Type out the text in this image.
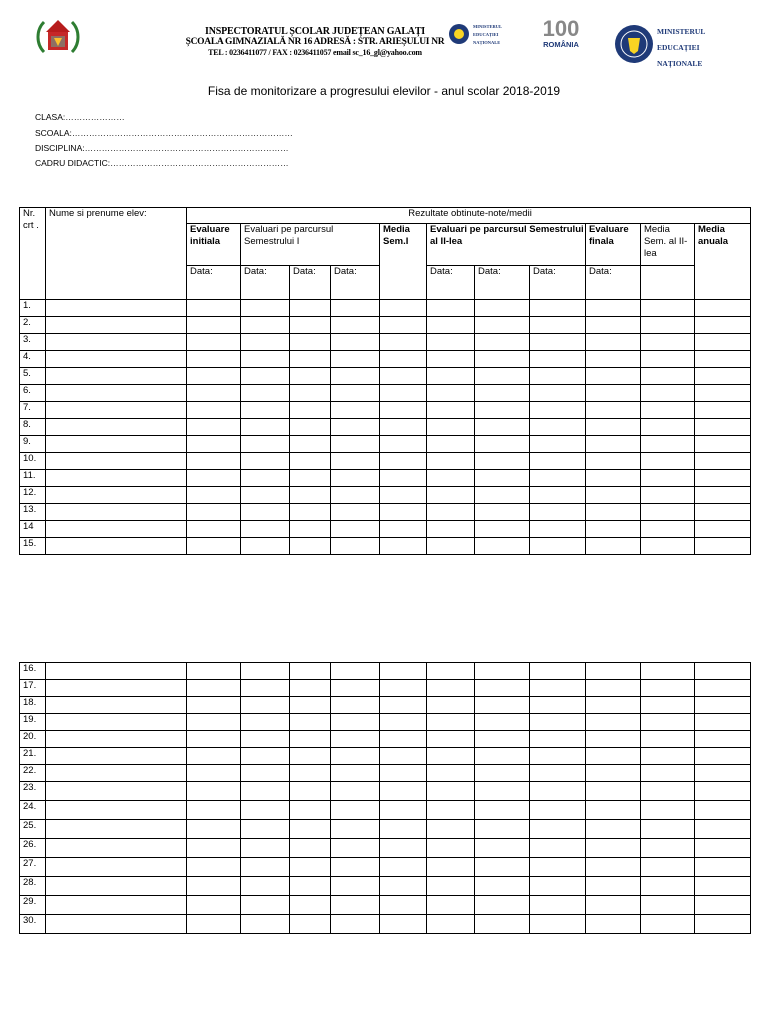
INSPECTORATUL ȘCOLAR JUDEȚEAN GALAȚI
ȘCOALA GIMNAZIALĂ NR 16 ADRESĂ : STR. ARIEȘULUI NR
TEL : 0236411077 / FAX : 0236411057 email sc_16_gl@yahoo.com
MINISTERUL
EDUCAȚIEI
NAȚIONALE
100
ROMÂNIA
MINISTERUL
EDUCAȚIEI
NAȚIONALE
Fisa de monitorizare a progresului elevilor - anul scolar 2018-2019
CLASA:…………………
SCOALA:……………………………………………………………………
DISCIPLINA:………………………………………………………………
CADRU DIDACTIC:………………………………………………………
Nr. crt .	Nume si prenume elev:	Rezultate obtinute-note/medii										
		Evaluare initiala	Evaluari pe parcursul Semestrului I			Media Sem.I	Evaluari pe parcursul Semestrului al II-lea			Evaluare finala	Media Sem. al II-lea	Media anuala
		Data:	Data:	Data:	Data:		Data:	Data:	Data:	Data:		
1.												
2.												
3.												
4.												
5.												
6.												
7.												
8.												
9.												
10.												
11.												
12.												
13.												
14												
15.												
16.												
17.												
18.												
19.												
20.												
21.												
22.												
23.												
24.												
25.												
26.												
27.												
28.												
29.												
30.												
